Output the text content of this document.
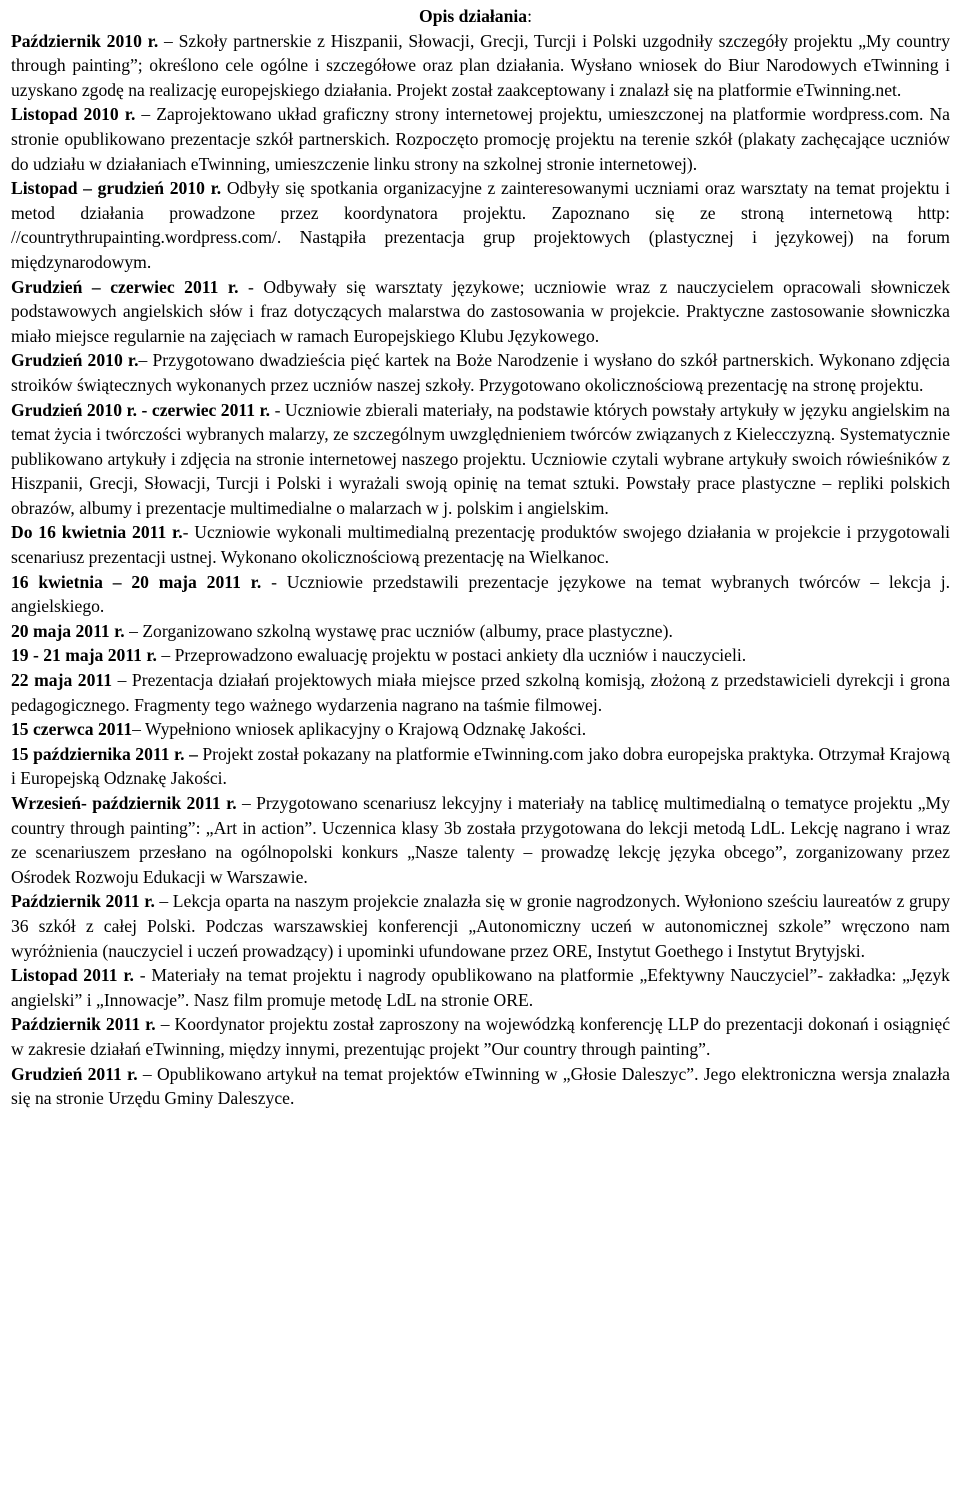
Opis działania:

Październik 2010 r. – Szkoły partnerskie z Hiszpanii, Słowacji, Grecji, Turcji i Polski uzgodniły szczegóły projektu „My country through painting”; określono cele ogólne i szczegółowe oraz plan działania. Wysłano wniosek do Biur Narodowych eTwinning i uzyskano zgodę na realizację europejskiego działania. Projekt został zaakceptowany i znalazł się na platformie eTwinning.net.

Listopad 2010 r. – Zaprojektowano układ graficzny strony internetowej projektu, umieszczonej na platformie wordpress.com. Na stronie opublikowano prezentacje szkół partnerskich. Rozpoczęto promocję projektu na terenie szkół (plakaty zachęcające uczniów do udziału w działaniach eTwinning, umieszczenie linku strony na szkolnej stronie internetowej).

Listopad – grudzień 2010 r. Odbyły się spotkania organizacyjne z zainteresowanymi uczniami oraz warsztaty na temat projektu i metod działania prowadzone przez koordynatora projektu. Zapoznano się ze stroną internetową http: //countrythrupainting.wordpress.com/. Nastąpiła prezentacja grup projektowych (plastycznej i językowej) na forum międzynarodowym.

Grudzień – czerwiec 2011 r. - Odbywały się warsztaty językowe; uczniowie wraz z nauczycielem opracowali słowniczek podstawowych angielskich słów i fraz dotyczących malarstwa do zastosowania w projekcie. Praktyczne zastosowanie słowniczka miało miejsce regularnie na zajęciach w ramach Europejskiego Klubu Językowego.

Grudzień 2010 r.– Przygotowano dwadzieścia pięć kartek na Boże Narodzenie i wysłano do szkół partnerskich. Wykonano zdjęcia stroików świątecznych wykonanych przez uczniów naszej szkoły. Przygotowano okolicznościową prezentację na stronę projektu.

Grudzień 2010 r. - czerwiec 2011 r. - Uczniowie zbierali materiały, na podstawie których powstały artykuły w języku angielskim na temat życia i twórczości wybranych malarzy, ze szczególnym uwzględnieniem twórców związanych z Kielecczyzną. Systematycznie publikowano artykuły i zdjęcia na stronie internetowej naszego projektu. Uczniowie czytali wybrane artykuły swoich rówieśników z Hiszpanii, Grecji, Słowacji, Turcji i Polski i wyrażali swoją opinię na temat sztuki. Powstały prace plastyczne – repliki polskich obrazów, albumy i prezentacje multimedialne o malarzach w j. polskim i angielskim.

Do 16 kwietnia 2011 r.- Uczniowie wykonali multimedialną prezentację produktów swojego działania w projekcie i przygotowali scenariusz prezentacji ustnej. Wykonano okolicznościową prezentację na Wielkanoc.

16 kwietnia – 20 maja 2011 r. - Uczniowie przedstawili prezentacje językowe na temat wybranych twórców – lekcja j. angielskiego.

20 maja 2011 r. – Zorganizowano szkolną wystawę prac uczniów (albumy, prace plastyczne).

19 - 21 maja 2011 r. – Przeprowadzono ewaluację projektu w postaci ankiety dla uczniów i nauczycieli.

22 maja 2011 – Prezentacja działań projektowych miała miejsce przed szkolną komisją, złożoną z przedstawicieli dyrekcji i grona pedagogicznego. Fragmenty tego ważnego wydarzenia nagrano na taśmie filmowej.

15 czerwca 2011– Wypełniono wniosek aplikacyjny o Krajową Odznakę Jakości.

15 października 2011 r. – Projekt został pokazany na platformie eTwinning.com jako dobra europejska praktyka. Otrzymał Krajową i Europejską Odznakę Jakości.

Wrzesień- październik 2011 r. – Przygotowano scenariusz lekcyjny i materiały na tablicę multimedialną o tematyce projektu „My country through painting”: „Art in action”. Uczennica klasy 3b została przygotowana do lekcji metodą LdL. Lekcję nagrano i wraz ze scenariuszem przesłano na ogólnopolski konkurs „Nasze talenty – prowadzę lekcję języka obcego”, zorganizowany przez Ośrodek Rozwoju Edukacji w Warszawie.

Październik 2011 r. – Lekcja oparta na naszym projekcie znalazła się w gronie nagrodzonych. Wyłoniono sześciu laureatów z grupy 36 szkół z całej Polski. Podczas warszawskiej konferencji „Autonomiczny uczeń w autonomicznej szkole” wręczono nam wyróżnienia (nauczyciel i uczeń prowadzący) i upominki ufundowane przez ORE, Instytut Goethego i Instytut Brytyjski.

Listopad 2011 r. - Materiały na temat projektu i nagrody opublikowano na platformie „Efektywny Nauczyciel”- zakładka: „Język angielski” i „Innowacje”. Nasz film promuje metodę LdL na stronie ORE.

Październik 2011 r. – Koordynator projektu został zaproszony na wojewódzką konferencję LLP do prezentacji dokonań i osiągnięć w zakresie działań eTwinning, między innymi, prezentując projekt ”Our country through painting”.

Grudzień 2011 r. – Opublikowano artykuł na temat projektów eTwinning w „Głosie Daleszyc”. Jego elektroniczna wersja znalazła się na stronie Urzędu Gminy Daleszyce.
